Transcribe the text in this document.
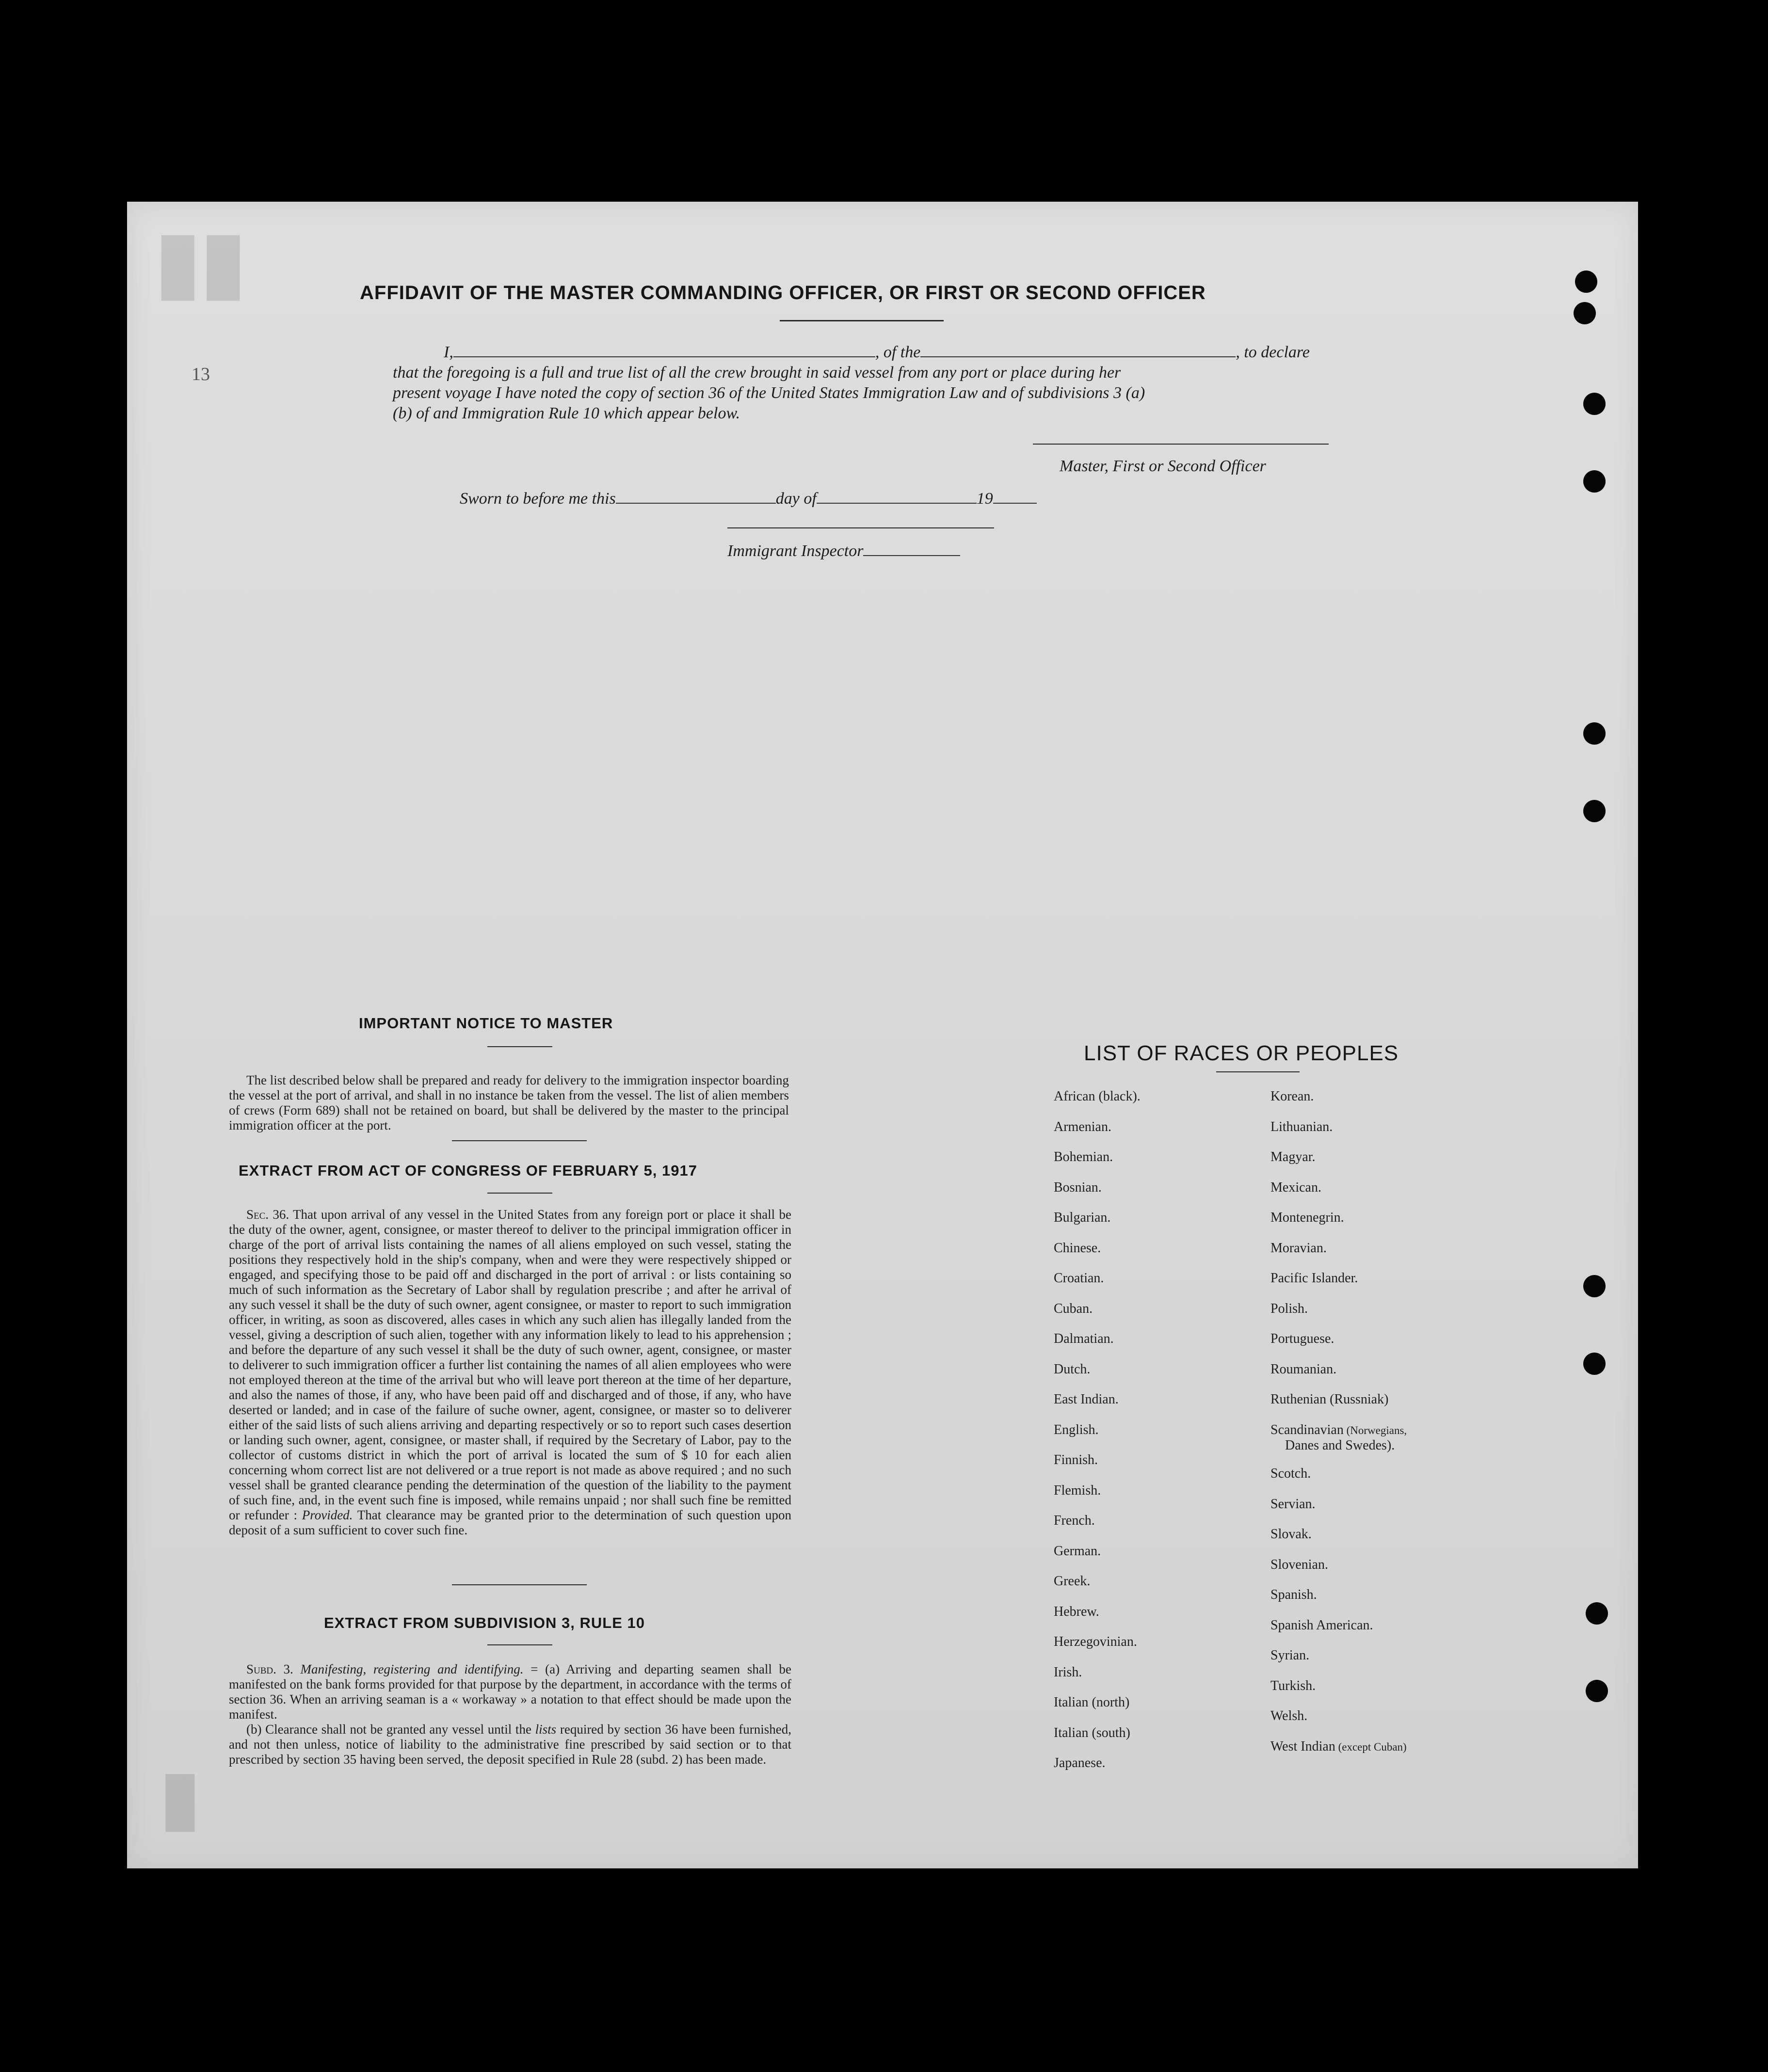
▮▮
▮
13
AFFIDAVIT OF THE MASTER COMMANDING OFFICER, OR FIRST OR SECOND OFFICER
I,	, of the	, to declare
that the foregoing is a full and true list of all the crew brought in said vessel from any port or place during her
present voyage I have noted the copy of section 36 of the United States Immigration Law and of subdivisions 3 (a)
(b) of and Immigration Rule 10 which appear below.
Master, First or Second Officer
Sworn to before me this	day of	19
Immigrant Inspector
IMPORTANT NOTICE TO MASTER

The list described below shall be prepared and ready for delivery to the immigration inspector boarding the vessel at the port of arrival, and shall in no instance be taken from the vessel. The list of alien members of crews (Form 689) shall not be retained on board, but shall be delivered by the master to the principal immigration officer at the port.

EXTRACT FROM ACT OF CONGRESS OF FEBRUARY 5, 1917

Sec. 36. That upon arrival of any vessel in the United States from any foreign port or place it shall be the duty of the owner, agent, consignee, or master thereof to deliver to the principal immigration officer in charge of the port of arrival lists containing the names of all aliens employed on such vessel, stating the positions they respectively hold in the ship's company, when and were they were respectively shipped or engaged, and specifying those to be paid off and discharged in the port of arrival : or lists containing so much of such information as the Secretary of Labor shall by regulation prescribe ; and after he arrival of any such vessel it shall be the duty of such owner, agent consignee, or master to report to such immigration officer, in writing, as soon as discovered, alles cases in which any such alien has illegally landed from the vessel, giving a description of such alien, together with any information likely to lead to his apprehension ; and before the departure of any such vessel it shall be the duty of such owner, agent, consignee, or master to deliverer to such immigration officer a further list containing the names of all alien employees who were not employed thereon at the time of the arrival but who will leave port thereon at the time of her departure, and also the names of those, if any, who have been paid off and discharged and of those, if any, who have deserted or landed; and in case of the failure of suche owner, agent, consignee, or master so to deliverer either of the said lists of such aliens arriving and departing respectively or so to report such cases desertion or landing such owner, agent, consignee, or master shall, if required by the Secretary of Labor, pay to the collector of customs district in which the port of arrival is located the sum of $ 10 for each alien concerning whom correct list are not delivered or a true report is not made as above required ; and no such vessel shall be granted clearance pending the determination of the question of the liability to the payment of such fine, and, in the event such fine is imposed, while remains unpaid ; nor shall such fine be remitted or refunder : Provided. That clearance may be granted prior to the determination of such question upon deposit of a sum sufficient to cover such fine.

EXTRACT FROM SUBDIVISION 3, RULE 10

Subd. 3. Manifesting, registering and identifying. = (a) Arriving and departing seamen shall be manifested on the bank forms provided for that purpose by the department, in accordance with the terms of section 36. When an arriving seaman is a « workaway » a notation to that effect should be made upon the manifest.

(b) Clearance shall not be granted any vessel until the lists required by section 36 have been furnished, and not then unless, notice of liability to the administrative fine prescribed by said section or to that prescribed by section 35 having been served, the deposit specified in Rule 28 (subd. 2) has been made.

LIST OF RACES OR PEOPLES
African (black).
Armenian.
Bohemian.
Bosnian.
Bulgarian.
Chinese.
Croatian.
Cuban.
Dalmatian.
Dutch.
East Indian.
English.
Finnish.
Flemish.
French.
German.
Greek.
Hebrew.
Herzegovinian.
Irish.
Italian (north)
Italian (south)
Japanese.
Korean.
Lithuanian.
Magyar.
Mexican.
Montenegrin.
Moravian.
Pacific Islander.
Polish.
Portuguese.
Roumanian.
Ruthenian (Russniak)
Scandinavian (Norwegians,
Danes and Swedes).
Scotch.
Servian.
Slovak.
Slovenian.
Spanish.
Spanish American.
Syrian.
Turkish.
Welsh.
West Indian (except Cuban)
